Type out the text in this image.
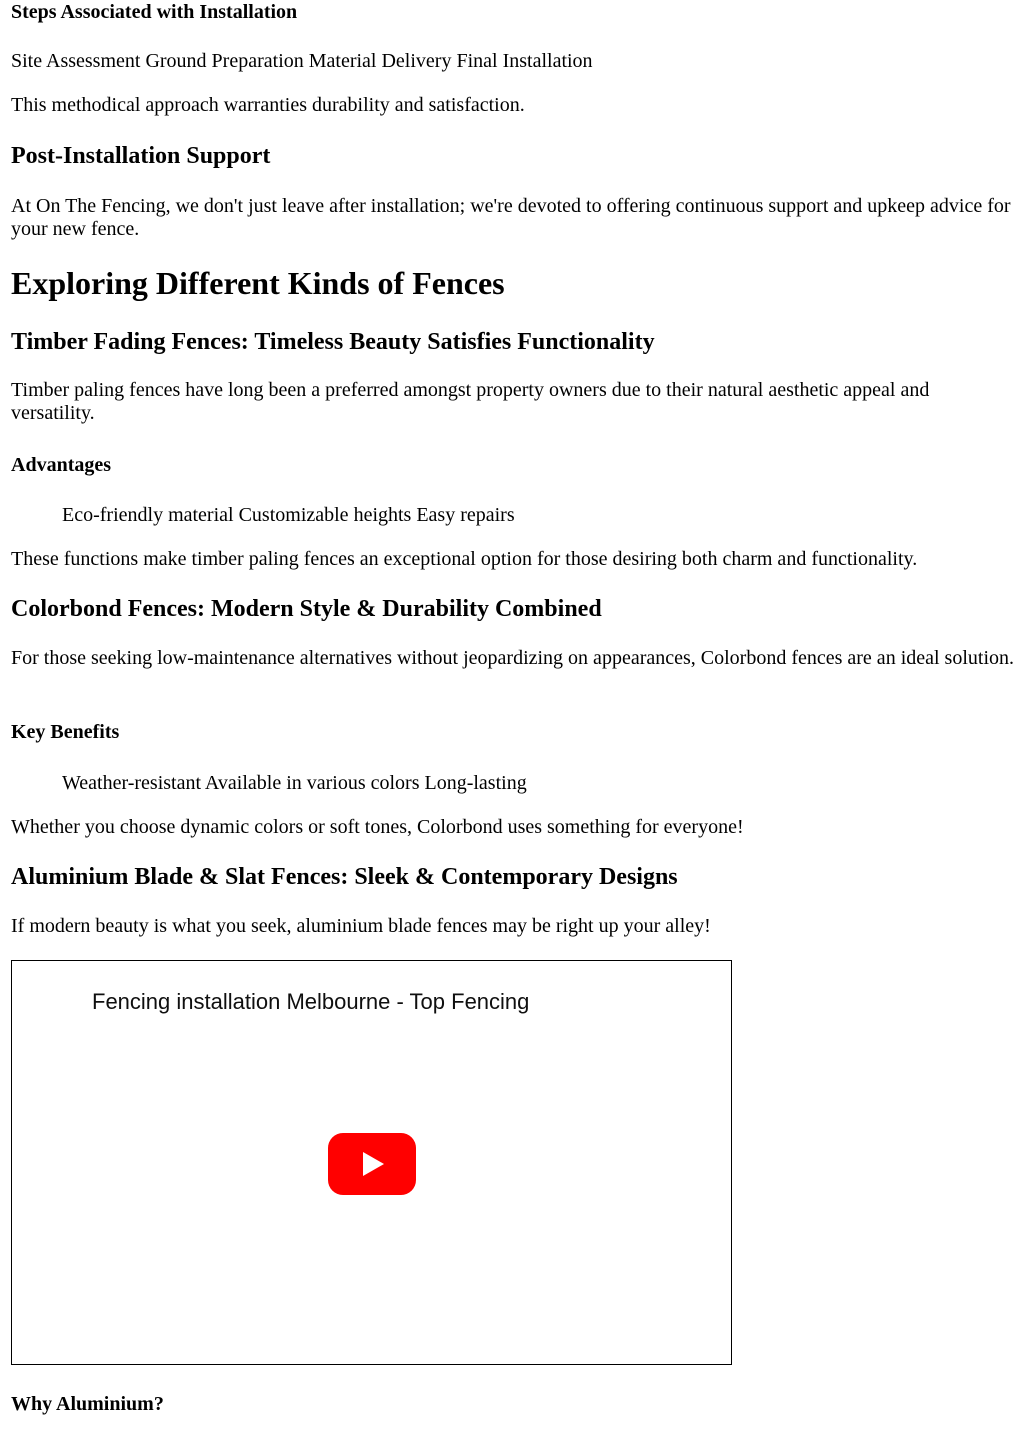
Steps Associated with Installation

Site Assessment Ground Preparation Material Delivery Final Installation

This methodical approach warranties durability and satisfaction.

Post-Installation Support

At On The Fencing, we don't just leave after installation; we're devoted to offering continuous support and upkeep advice for your new fence.

Exploring Different Kinds of Fences
Timber Fading Fences: Timeless Beauty Satisfies Functionality

Timber paling fences have long been a preferred amongst property owners due to their natural aesthetic appeal and versatility.

Advantages

Eco-friendly material Customizable heights Easy repairs

These functions make timber paling fences an exceptional option for those desiring both charm and functionality.

Colorbond Fences: Modern Style & Durability Combined

For those seeking low-maintenance alternatives without jeopardizing on appearances, Colorbond fences are an ideal solution.

Key Benefits

Weather-resistant Available in various colors Long-lasting

Whether you choose dynamic colors or soft tones, Colorbond uses something for everyone!

Aluminium Blade & Slat Fences: Sleek & Contemporary Designs

If modern beauty is what you seek, aluminium blade fences may be right up your alley!

Fencing installation Melbourne - Top Fencing
Why Aluminium?
